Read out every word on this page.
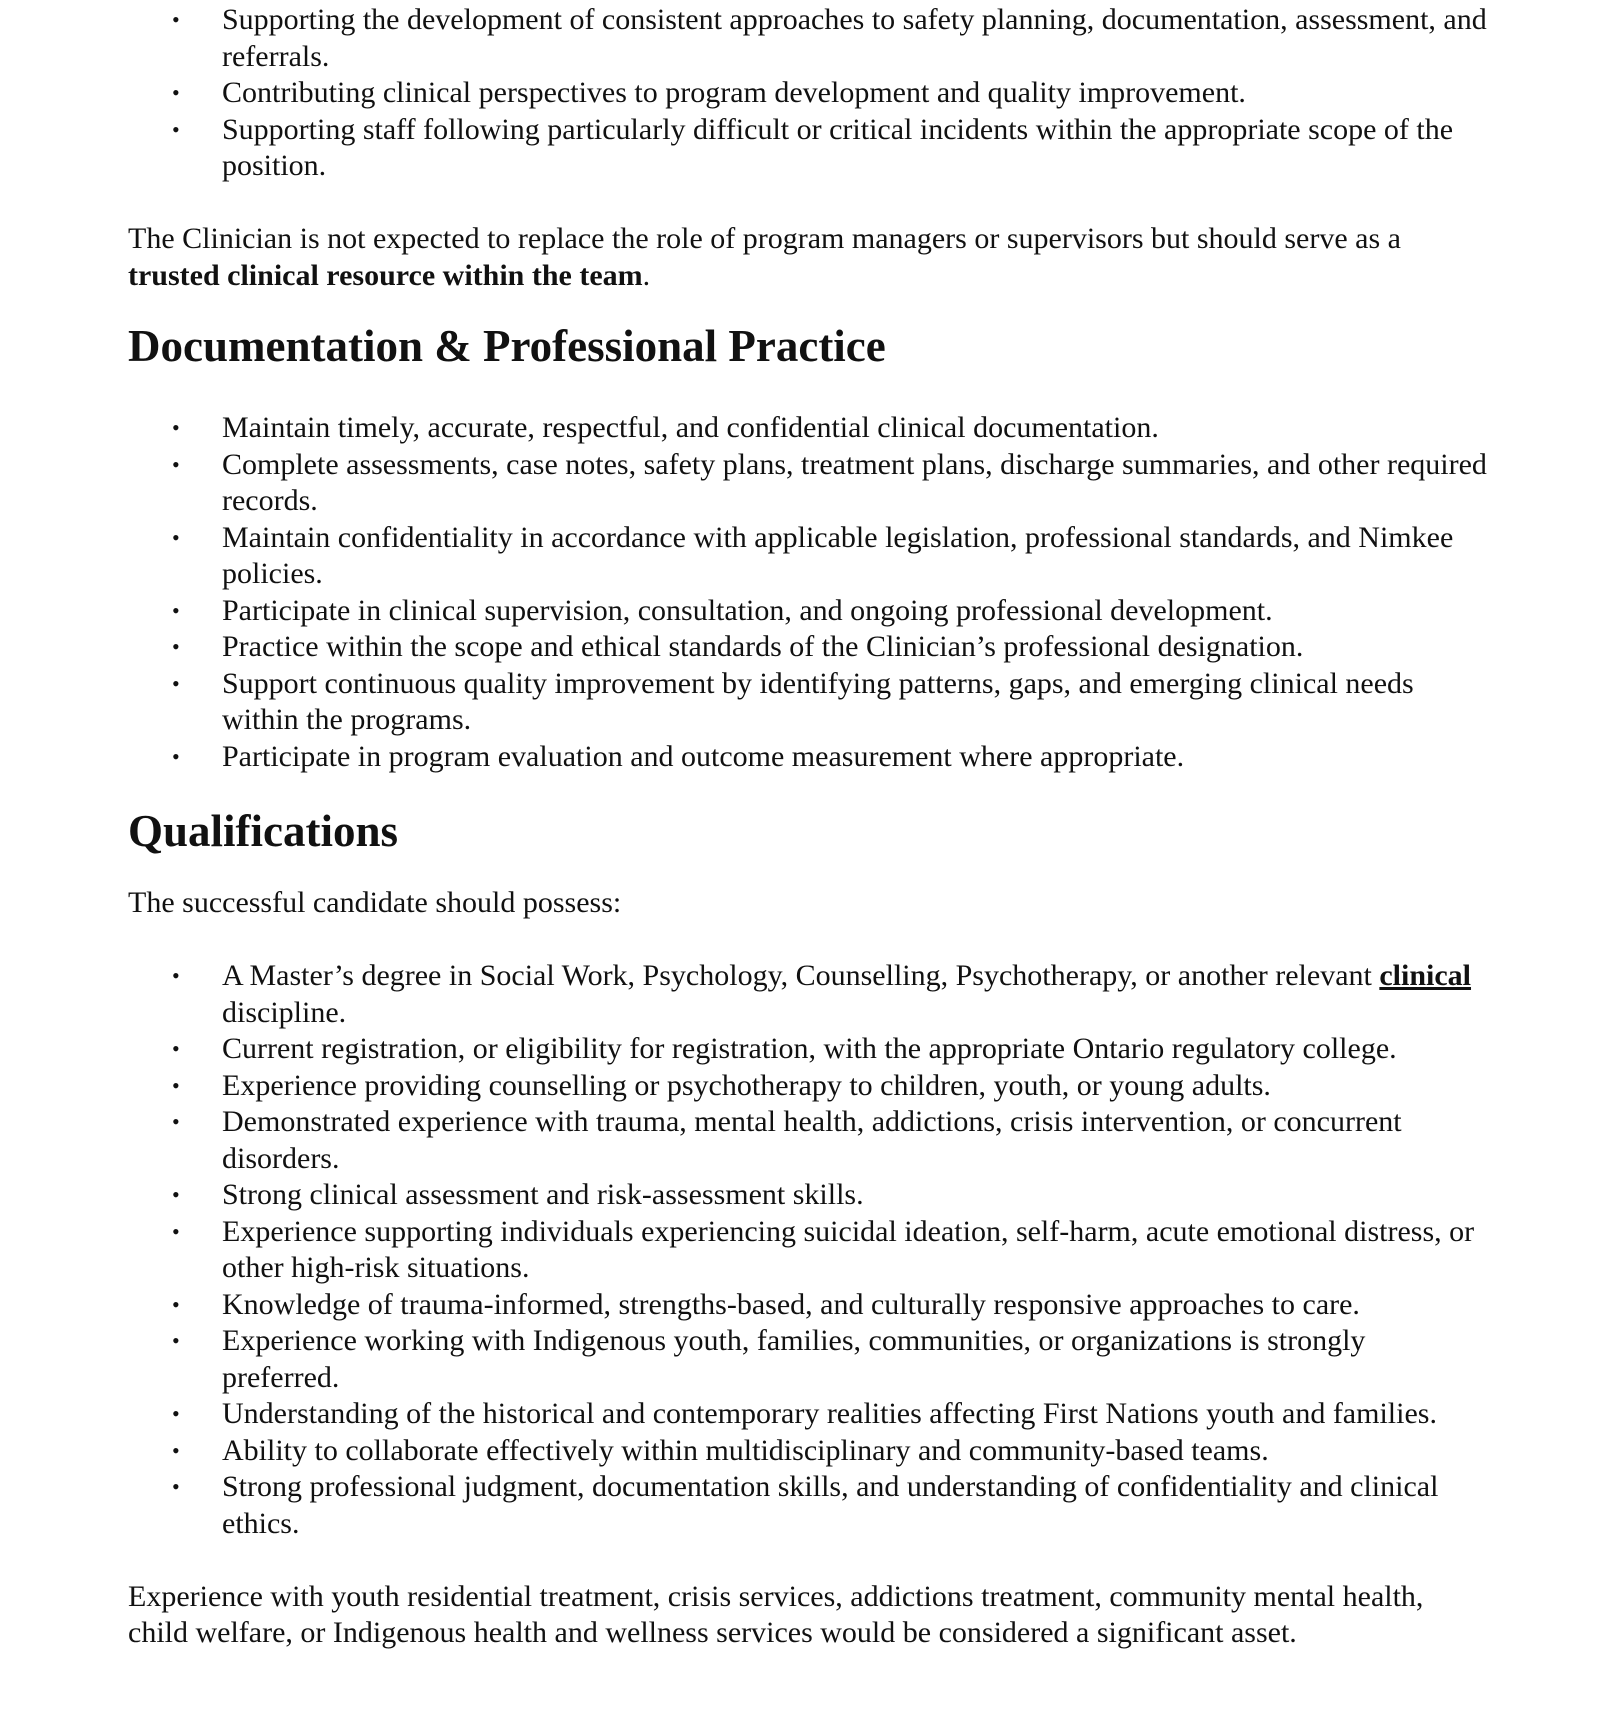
• Supporting the development of consistent approaches to safety planning, documentation, assessment, and referrals.
• Contributing clinical perspectives to program development and quality improvement.
• Supporting staff following particularly difficult or critical incidents within the appropriate scope of the position.

The Clinician is not expected to replace the role of program managers or supervisors but should serve as a trusted clinical resource within the team.

Documentation & Professional Practice
• Maintain timely, accurate, respectful, and confidential clinical documentation.
• Complete assessments, case notes, safety plans, treatment plans, discharge summaries, and other required records.
• Maintain confidentiality in accordance with applicable legislation, professional standards, and Nimkee policies.
• Participate in clinical supervision, consultation, and ongoing professional development.
• Practice within the scope and ethical standards of the Clinician’s professional designation.
• Support continuous quality improvement by identifying patterns, gaps, and emerging clinical needs within the programs.
• Participate in program evaluation and outcome measurement where appropriate.
Qualifications

The successful candidate should possess:

• A Master’s degree in Social Work, Psychology, Counselling, Psychotherapy, or another relevant clinical discipline.
• Current registration, or eligibility for registration, with the appropriate Ontario regulatory college.
• Experience providing counselling or psychotherapy to children, youth, or young adults.
• Demonstrated experience with trauma, mental health, addictions, crisis intervention, or concurrent disorders.
• Strong clinical assessment and risk-assessment skills.
• Experience supporting individuals experiencing suicidal ideation, self-harm, acute emotional distress, or other high-risk situations.
• Knowledge of trauma-informed, strengths-based, and culturally responsive approaches to care.
• Experience working with Indigenous youth, families, communities, or organizations is strongly preferred.
• Understanding of the historical and contemporary realities affecting First Nations youth and families.
• Ability to collaborate effectively within multidisciplinary and community-based teams.
• Strong professional judgment, documentation skills, and understanding of confidentiality and clinical ethics.

Experience with youth residential treatment, crisis services, addictions treatment, community mental health, child welfare, or Indigenous health and wellness services would be considered a significant asset.
